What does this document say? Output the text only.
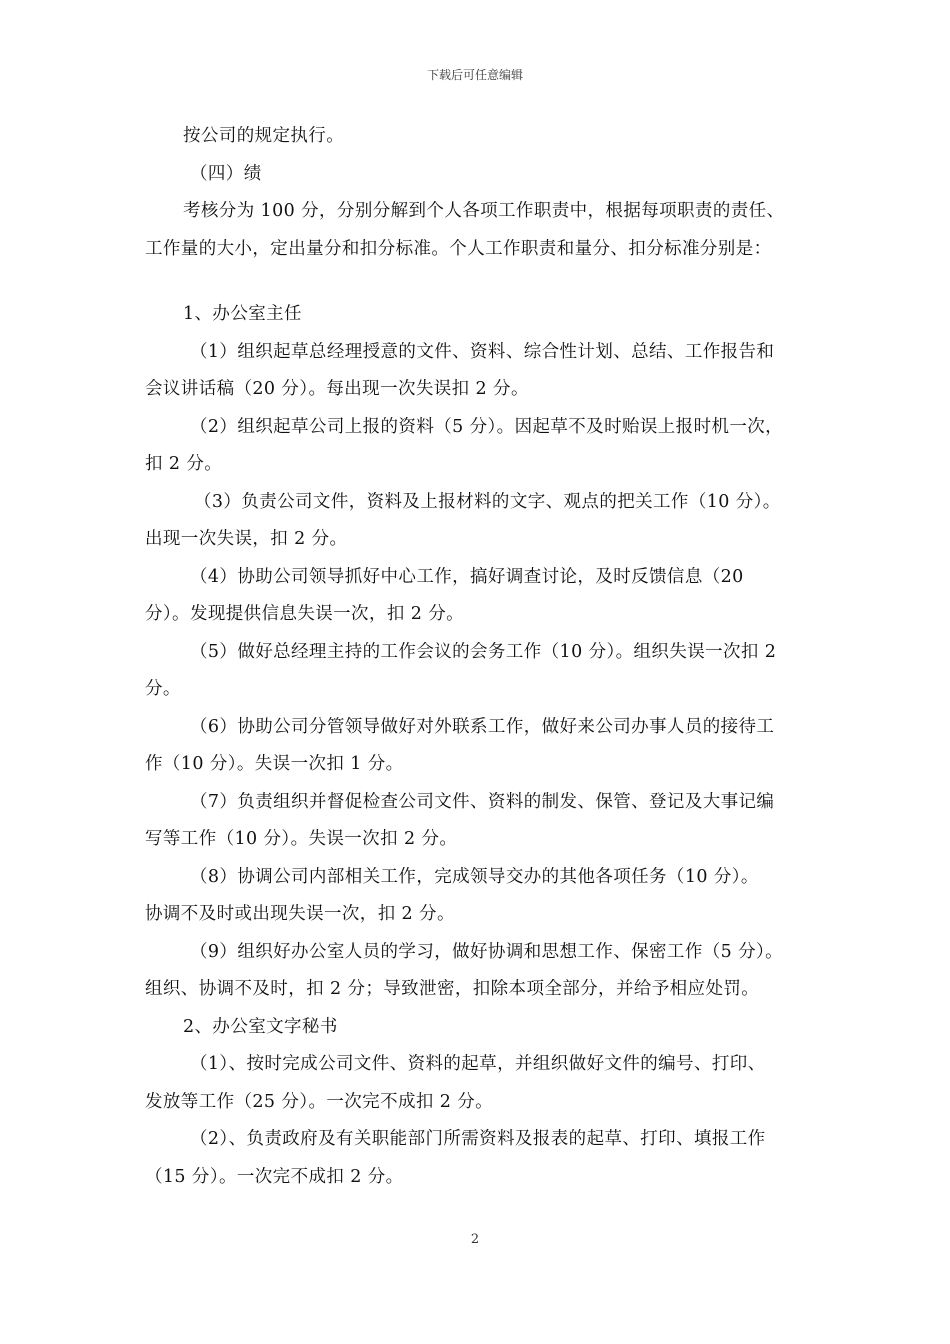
下载后可任意编辑
按公司的规定执行。
（四）绩
考核分为 100 分，分别分解到个人各项工作职责中，根据每项职责的责任、
工作量的大小，定出量分和扣分标准。个人工作职责和量分、扣分标准分别是：
1、办公室主任
（1）组织起草总经理授意的文件、资料、综合性计划、总结、工作报告和
会议讲话稿（20 分）。每出现一次失误扣 2 分。
（2）组织起草公司上报的资料（5 分）。因起草不及时贻误上报时机一次，
扣 2 分。
（3）负责公司文件，资料及上报材料的文字、观点的把关工作（10 分）。
出现一次失误，扣 2 分。
（4）协助公司领导抓好中心工作，搞好调查讨论，及时反馈信息（20
分）。发现提供信息失误一次，扣 2 分。
（5）做好总经理主持的工作会议的会务工作（10 分）。组织失误一次扣 2
分。
（6）协助公司分管领导做好对外联系工作，做好来公司办事人员的接待工
作（10 分）。失误一次扣 1 分。
（7）负责组织并督促检查公司文件、资料的制发、保管、登记及大事记编
写等工作（10 分）。失误一次扣 2 分。
（8）协调公司内部相关工作，完成领导交办的其他各项任务（10 分）。
协调不及时或出现失误一次，扣 2 分。
（9）组织好办公室人员的学习，做好协调和思想工作、保密工作（5 分）。
组织、协调不及时，扣 2 分；导致泄密，扣除本项全部分，并给予相应处罚。
2、办公室文字秘书
（1）、按时完成公司文件、资料的起草，并组织做好文件的编号、打印、
发放等工作（25 分）。一次完不成扣 2 分。
（2）、负责政府及有关职能部门所需资料及报表的起草、打印、填报工作
（15 分）。一次完不成扣 2 分。
2
